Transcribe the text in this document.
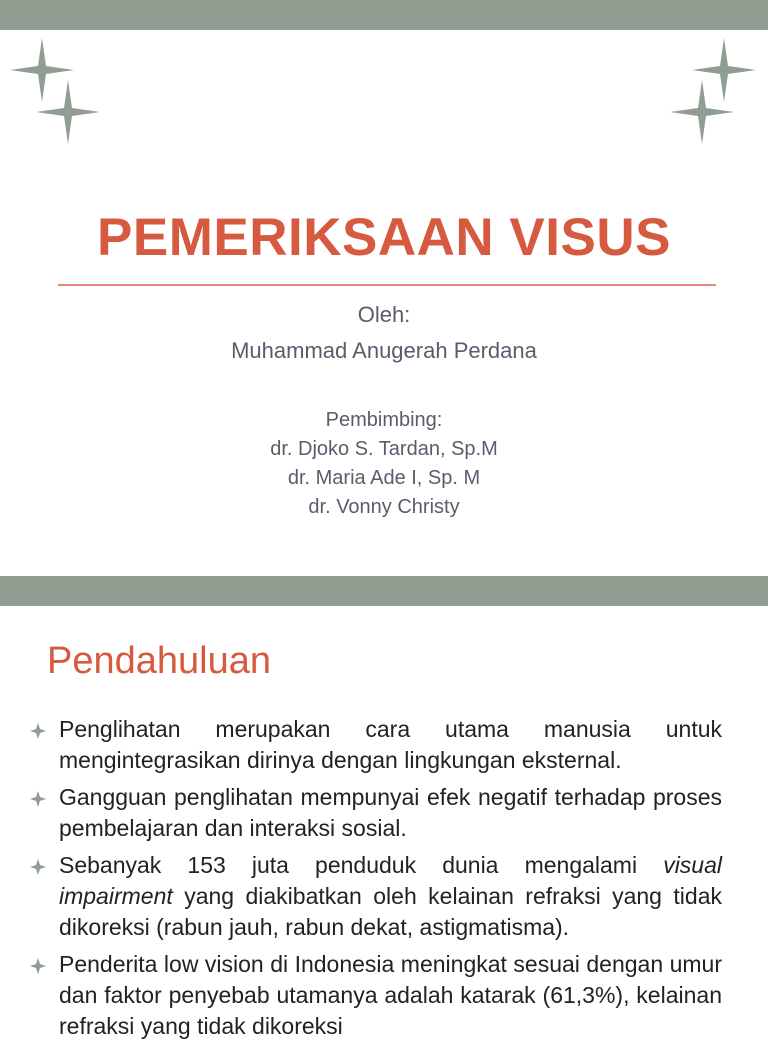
PEMERIKSAAN VISUS
Oleh:
Muhammad Anugerah Perdana
Pembimbing:
dr. Djoko S. Tardan, Sp.M
dr. Maria Ade I, Sp. M
dr. Vonny Christy
Pendahuluan
Penglihatan merupakan cara utama manusia untuk mengintegrasikan dirinya dengan lingkungan eksternal.
Gangguan penglihatan mempunyai efek negatif terhadap proses pembelajaran dan interaksi sosial.
Sebanyak 153 juta penduduk dunia mengalami visual impairment yang diakibatkan oleh kelainan refraksi yang tidak dikoreksi (rabun jauh, rabun dekat, astigmatisma).
Penderita low vision di Indonesia meningkat sesuai dengan umur dan faktor penyebab utamanya adalah katarak (61,3%), kelainan refraksi yang tidak dikoreksi
